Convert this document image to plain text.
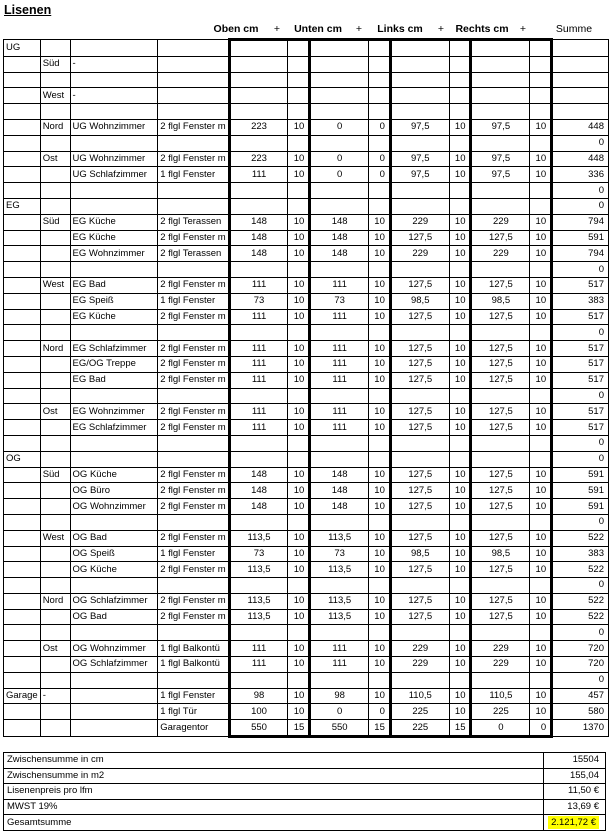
Lisenen
Oben cm	+	Unten cm	+	Links cm	+	Rechts cm	+	Summe
UG												
	Süd	-										

	West	-										

	Nord	UG Wohnzimmer	2 flgl Fenster m	223	10	0	0	97,5	10	97,5	10	448
												0
	Ost	UG Wohnzimmer	2 flgl Fenster m	223	10	0	0	97,5	10	97,5	10	448
		UG Schlafzimmer	1 flgl Fenster	111	10	0	0	97,5	10	97,5	10	336
												0
EG												0
	Süd	EG Küche	2 flgl Terassen	148	10	148	10	229	10	229	10	794
		EG Küche	2 flgl Fenster m	148	10	148	10	127,5	10	127,5	10	591
		EG Wohnzimmer	2 flgl Terassen	148	10	148	10	229	10	229	10	794
												0
	West	EG Bad	2 flgl Fenster m	111	10	111	10	127,5	10	127,5	10	517
		EG Speiß	1 flgl Fenster	73	10	73	10	98,5	10	98,5	10	383
		EG Küche	2 flgl Fenster m	111	10	111	10	127,5	10	127,5	10	517
												0
	Nord	EG Schlafzimmer	2 flgl Fenster m	111	10	111	10	127,5	10	127,5	10	517
		EG/OG Treppe	2 flgl Fenster m	111	10	111	10	127,5	10	127,5	10	517
		EG Bad	2 flgl Fenster m	111	10	111	10	127,5	10	127,5	10	517
												0
	Ost	EG Wohnzimmer	2 flgl Fenster m	111	10	111	10	127,5	10	127,5	10	517
		EG Schlafzimmer	2 flgl Fenster m	111	10	111	10	127,5	10	127,5	10	517
												0
OG												0
	Süd	OG Küche	2 flgl Fenster m	148	10	148	10	127,5	10	127,5	10	591
		OG Büro	2 flgl Fenster m	148	10	148	10	127,5	10	127,5	10	591
		OG Wohnzimmer	2 flgl Fenster m	148	10	148	10	127,5	10	127,5	10	591
												0
	West	OG Bad	2 flgl Fenster m	113,5	10	113,5	10	127,5	10	127,5	10	522
		OG Speiß	1 flgl Fenster	73	10	73	10	98,5	10	98,5	10	383
		OG Küche	2 flgl Fenster m	113,5	10	113,5	10	127,5	10	127,5	10	522
												0
	Nord	OG Schlafzimmer	2 flgl Fenster m	113,5	10	113,5	10	127,5	10	127,5	10	522
		OG Bad	2 flgl Fenster m	113,5	10	113,5	10	127,5	10	127,5	10	522
												0
	Ost	OG Wohnzimmer	1 flgl Balkontü	111	10	111	10	229	10	229	10	720
		OG Schlafzimmer	1 flgl Balkontü	111	10	111	10	229	10	229	10	720
												0
Garage	-		1 flgl Fenster	98	10	98	10	110,5	10	110,5	10	457
			1 flgl Tür	100	10	0	0	225	10	225	10	580
			Garagentor	550	15	550	15	225	15	0	0	1370
Zwischensumme in cm	15504
Zwischensumme in m2	155,04
Lisenenpreis pro lfm	11,50 €
MWST 19%	13,69 €
Gesamtsumme	2.121,72 €
